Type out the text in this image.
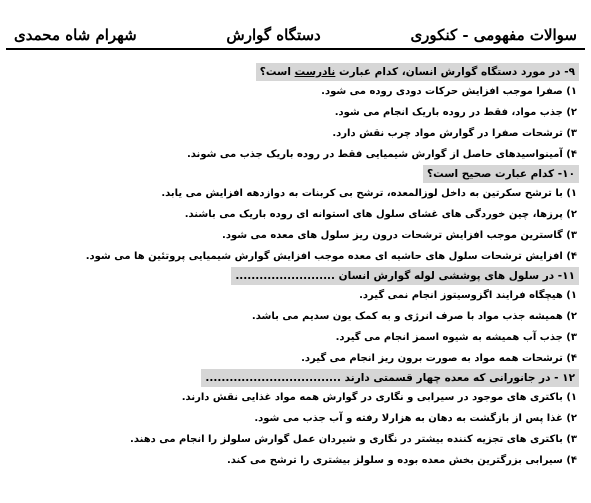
سوالات مفهومی - کنکوری
دستگاه گوارش
شهرام شاه محمدی
۹- در مورد دستگاه گوارش انسان، کدام عبارت نادرست است؟
۱) صفرا موجب افزایش حرکات دودی روده می شود.
۲) جذب مواد، فقط در روده باریک انجام می شود.
۳) ترشحات صفرا در گوارش مواد چرب نقش دارد.
۴) آمینواسیدهای حاصل از گوارش شیمیایی فقط در روده باریک جذب می شوند.
۱۰- کدام عبارت صحیح است؟
۱) با ترشح سکرتین به داخل لوزالمعده، ترشح بی کربنات به دوازدهه افزایش می یابد.
۲) پرزها، چین خوردگی های غشای سلول های استوانه ای روده باریک می باشند.
۳) گاسترین موجب افزایش ترشحات درون ریز سلول های معده می شود.
۴) افزایش ترشحات سلول های حاشیه ای معده موجب افزایش گوارش شیمیایی پروتئین ها می شود.
۱۱- در سلول های پوششی لوله گوارش انسان .........................
۱) هیچگاه فرایند اگزوسیتوز انجام نمی گیرد.
۲) همیشه جذب مواد با صرف انرژی و به کمک یون سدیم می باشد.
۳) جذب آب همیشه به شیوه اسمز انجام می گیرد.
۴) ترشحات همه مواد به صورت برون ریز انجام می گیرد.
۱۲ - در جانورانی که معده چهار قسمتی دارند ..................................
۱) باکتری های موجود در سیرابی و نگاری در گوارش همه مواد غذایی نقش دارند.
۲) غذا پس از بازگشت به دهان به هزارلا رفته و آب جذب می شود.
۳) باکتری های تجزیه کننده بیشتر در نگاری و شیردان عمل گوارش سلولز را انجام می دهند.
۴) سیرابی بزرگترین بخش معده بوده و سلولز بیشتری را ترشح می کند.
